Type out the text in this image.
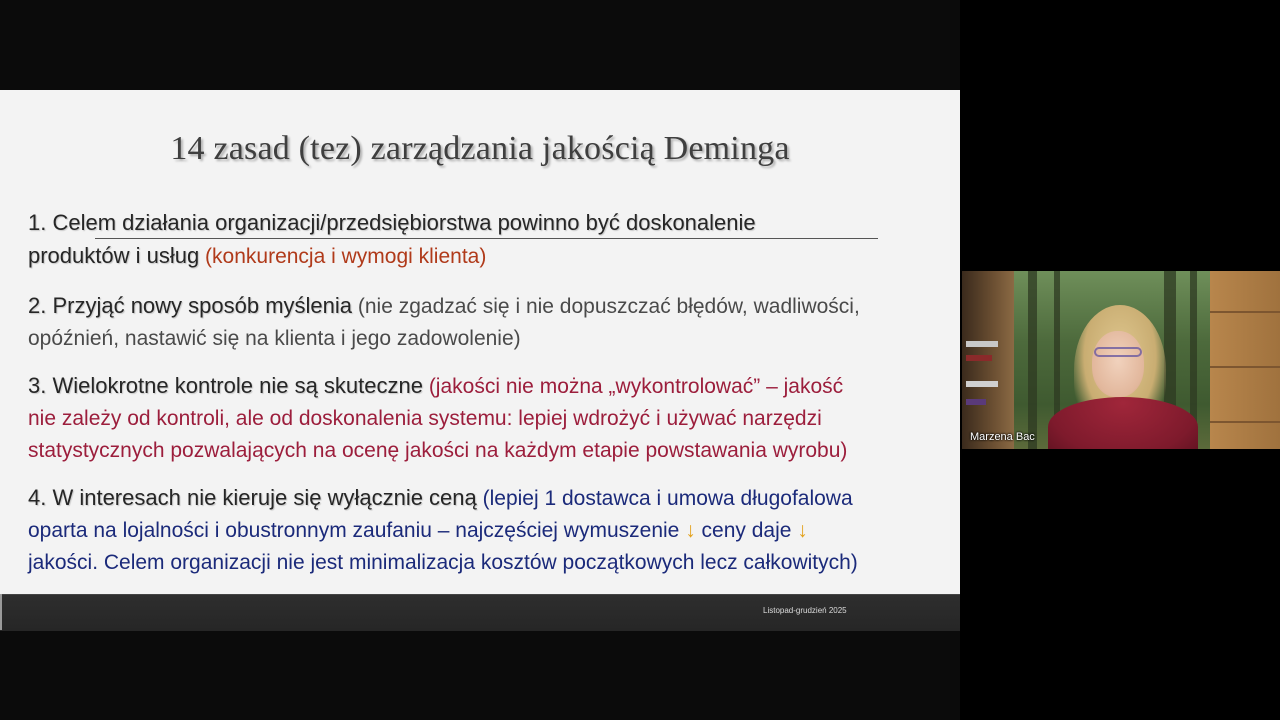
14 zasad (tez) zarządzania jakością Deminga
1. Celem działania organizacji/przedsiębiorstwa powinno być doskonalenie
produktów i usług (konkurencja i wymogi klienta)
2. Przyjąć nowy sposób myślenia (nie zgadzać się i nie dopuszczać błędów, wadliwości,
opóźnień, nastawić się na klienta i jego zadowolenie)
3. Wielokrotne kontrole nie są skuteczne (jakości nie można „wykontrolować” – jakość
nie zależy od kontroli, ale od doskonalenia systemu: lepiej wdrożyć i używać narzędzi
statystycznych pozwalających na ocenę jakości na każdym etapie powstawania wyrobu)
4. W interesach nie kieruje się wyłącznie ceną (lepiej 1 dostawca i umowa długofalowa
oparta na lojalności i obustronnym zaufaniu – najczęściej wymuszenie ↓ ceny daje ↓
jakości. Celem organizacji nie jest minimalizacja kosztów początkowych lecz całkowitych)
Listopad-grudzień 2025
Marzena Bac
